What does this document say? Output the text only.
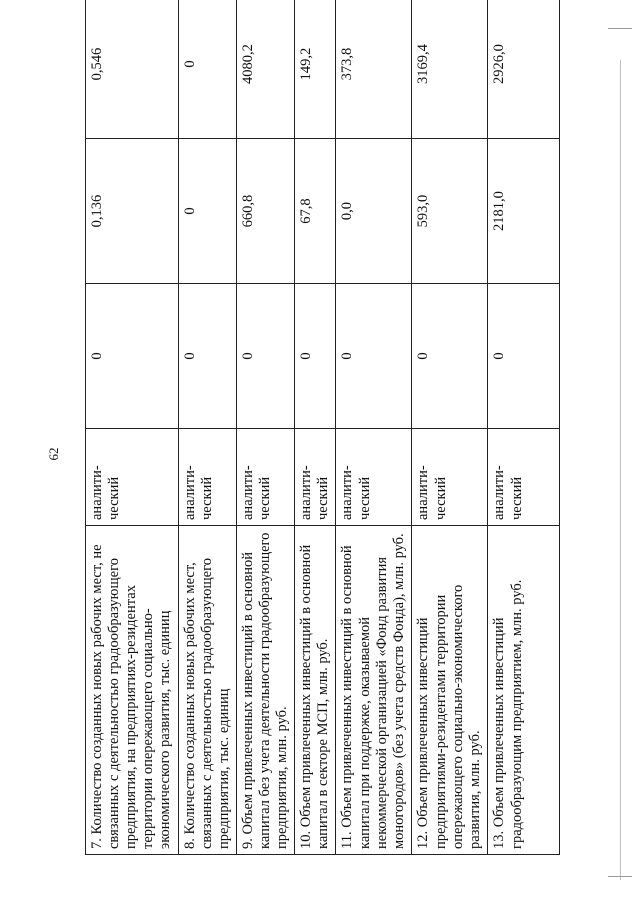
62
7. Количество созданных новых рабочих мест, не связанных с деятельностью градообразующего предприятия, на предприятиях-резидентах территории опережающего социально-экономического развития, тыс. единиц	аналити-ческий	0	0,136	0,546
8. Количество созданных новых рабочих мест, связанных с деятельностью градообразующего предприятия, тыс. единиц	аналити-ческий	0	0	0
9. Объем привлеченных инвестиций в основной капитал без учета деятельности градообразующего предприятия, млн. руб.	аналити-ческий	0	660,8	4080,2
10. Объем привлеченных инвестиций в основной капитал в секторе МСП, млн. руб.	аналити-ческий	0	67,8	149,2
11. Объем привлеченных инвестиций в основной капитал при поддержке, оказываемой некоммерческой организацией «Фонд развития моногородов» (без учета средств Фонда), млн. руб.	аналити-ческий	0	0,0	373,8
12. Объем привлеченных инвестиций предприятиями-резидентами территории опережающего социально-экономического развития, млн. руб.	аналити-ческий	0	593,0	3169,4
13. Объем привлеченных инвестиций градообразующим предприятием, млн. руб.	аналити-ческий	0	2181,0	2926,0
